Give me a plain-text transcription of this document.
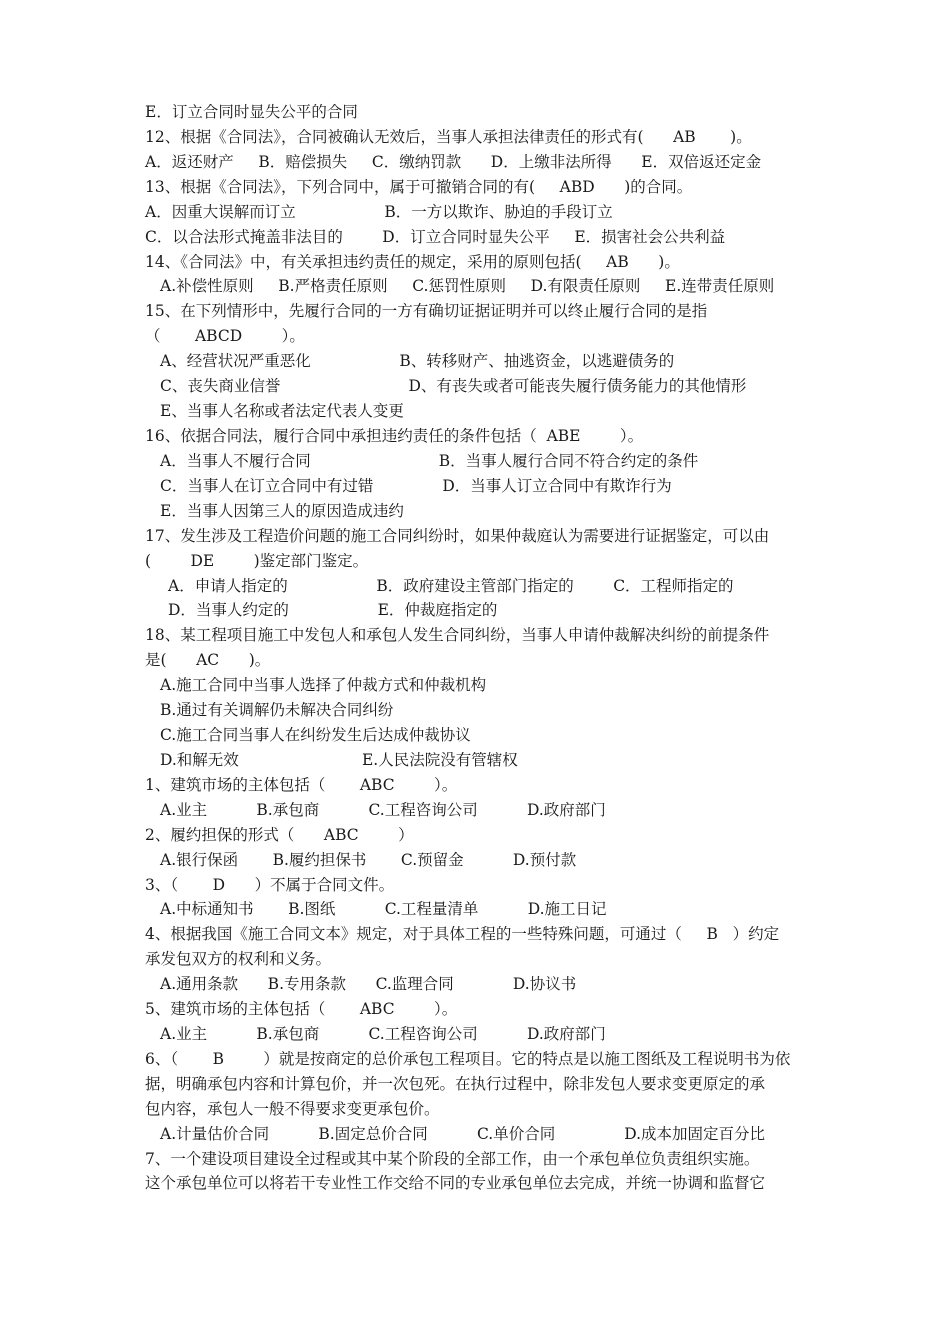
E．订立合同时显失公平的合同
12、根据《合同法》，合同被确认无效后，当事人承担法律责任的形式有(      AB       )。
A．返还财产     B．赔偿损失     C．缴纳罚款      D．上缴非法所得      E．双倍返还定金
13、根据《合同法》，下列合同中，属于可撤销合同的有(     ABD      )的合同。
A．因重大误解而订立                  B．一方以欺诈、胁迫的手段订立
C．以合法形式掩盖非法目的        D．订立合同时显失公平     E．损害社会公共利益
14、《合同法》中，有关承担违约责任的规定，采用的原则包括(     AB      )。
A.补偿性原则     B.严格责任原则     C.惩罚性原则     D.有限责任原则     E.连带责任原则
15、在下列情形中，先履行合同的一方有确切证据证明并可以终止履行合同的是指
（       ABCD        ）。
A、经营状况严重恶化                  B、转移财产、抽逃资金，以逃避债务的
C、丧失商业信誉                          D、有丧失或者可能丧失履行债务能力的其他情形
E、当事人名称或者法定代表人变更
16、依据合同法，履行合同中承担违约责任的条件包括（  ABE        ）。
A．当事人不履行合同                          B．当事人履行合同不符合约定的条件
C．当事人在订立合同中有过错              D．当事人订立合同中有欺诈行为
E．当事人因第三人的原因造成违约
17、发生涉及工程造价问题的施工合同纠纷时，如果仲裁庭认为需要进行证据鉴定，可以由
(        DE        )鉴定部门鉴定。
A．申请人指定的                  B．政府建设主管部门指定的        C．工程师指定的
D．当事人约定的                  E．仲裁庭指定的
18、某工程项目施工中发包人和承包人发生合同纠纷，当事人申请仲裁解决纠纷的前提条件
是(      AC      )。
A.施工合同中当事人选择了仲裁方式和仲裁机构
B.通过有关调解仍未解决合同纠纷
C.施工合同当事人在纠纷发生后达成仲裁协议
D.和解无效                         E.人民法院没有管辖权
1、建筑市场的主体包括（       ABC        ）。
A.业主          B.承包商          C.工程咨询公司          D.政府部门
2、履约担保的形式（      ABC        ）
A.银行保函       B.履约担保书       C.预留金          D.预付款
3、（       D      ）不属于合同文件。
A.中标通知书       B.图纸          C.工程量清单          D.施工日记
4、根据我国《施工合同文本》规定，对于具体工程的一些特殊问题，可通过（     B   ）约定
承发包双方的权利和义务。
A.通用条款      B.专用条款      C.监理合同            D.协议书
5、建筑市场的主体包括（       ABC        ）。
A.业主          B.承包商          C.工程咨询公司          D.政府部门
6、（       B        ）就是按商定的总价承包工程项目。它的特点是以施工图纸及工程说明书为依
据，明确承包内容和计算包价，并一次包死。在执行过程中，除非发包人要求变更原定的承
包内容，承包人一般不得要求变更承包价。
A.计量估价合同          B.固定总价合同          C.单价合同              D.成本加固定百分比
7、一个建设项目建设全过程或其中某个阶段的全部工作，由一个承包单位负责组织实施。
这个承包单位可以将若干专业性工作交给不同的专业承包单位去完成，并统一协调和监督它
